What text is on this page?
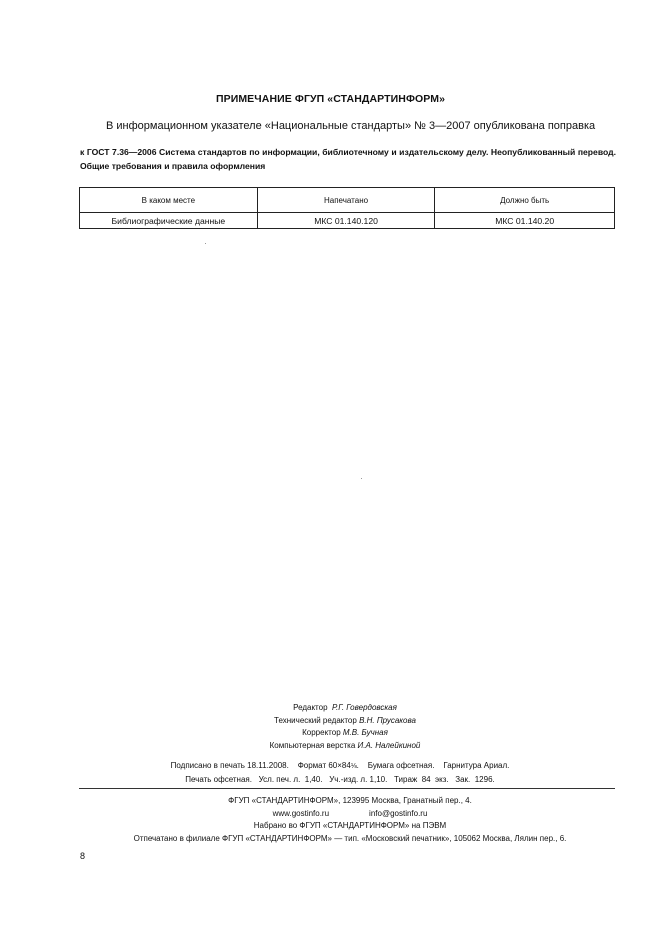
ПРИМЕЧАНИЕ ФГУП «СТАНДАРТИНФОРМ»
В информационном указателе «Национальные стандарты» № 3—2007 опубликована поправка
к ГОСТ 7.36—2006 Система стандартов по информации, библиотечному и издательскому делу. Неопубликованный перевод. Общие требования и правила оформления
В каком месте	Напечатано	Должно быть
Библиографические данные	МКС 01.140.120	МКС 01.140.20
Редактор Р.Г. Говердовская
Технический редактор В.Н. Прусакова
Корректор М.В. Бучная
Компьютерная верстка И.А. Налейкиной
Подписано в печать 18.11.2008. Формат 60×84⅛.    Бумага офсетная. Гарнитура Ариал.
Печать офсетная.   Усл. печ. л.  1,40.   Уч.-изд. л. 1,10.   Тираж  84  экз.   Зак.  1296.
ФГУП «СТАНДАРТИНФОРМ», 123995 Москва, Гранатный пер., 4.
www.gostinfo.ru	info@gostinfo.ru
Набрано во ФГУП «СТАНДАРТИНФОРМ» на ПЭВМ
Отпечатано в филиале ФГУП «СТАНДАРТИНФОРМ» — тип. «Московский печатник», 105062 Москва, Лялин пер., 6.
8
